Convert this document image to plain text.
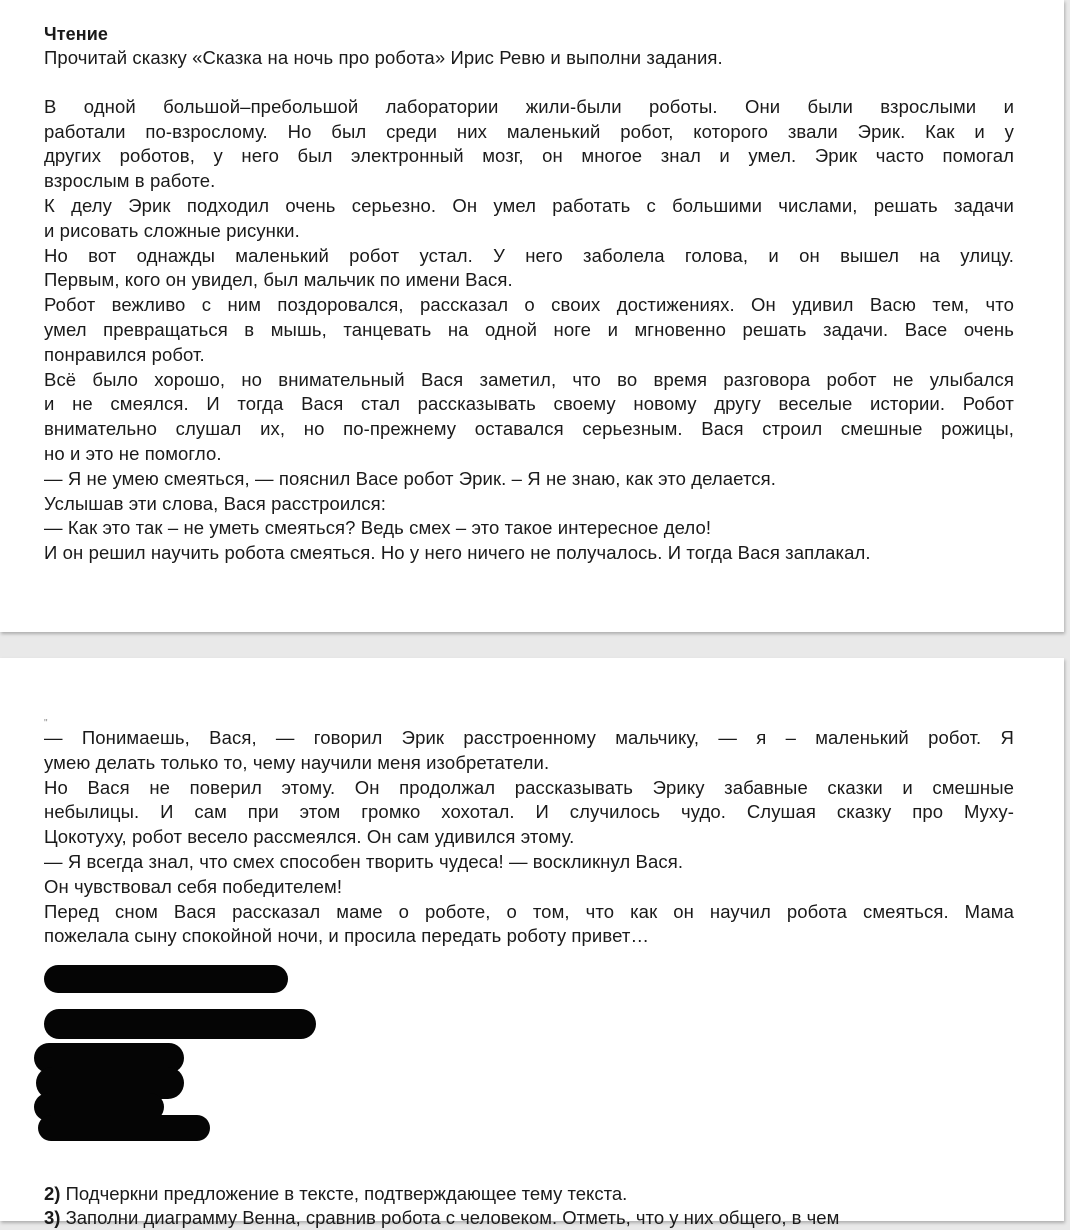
Чтение

Прочитай сказку «Сказка на ночь про робота» Ирис Ревю и выполни задания.

В одной большой–пребольшой лаборатории жили-были роботы. Они были взрослыми и

работали по-взрослому. Но был среди них маленький робот, которого звали Эрик. Как и у

других роботов, у него был электронный мозг, он многое знал и умел. Эрик часто помогал

взрослым в работе.

К делу Эрик подходил очень серьезно. Он умел работать с большими числами, решать задачи

и рисовать сложные рисунки.

Но вот однажды маленький робот устал. У него заболела голова, и он вышел на улицу.

Первым, кого он увидел, был мальчик по имени Вася.

Робот вежливо с ним поздоровался, рассказал о своих достижениях. Он удивил Васю тем, что

умел превращаться в мышь, танцевать на одной ноге и мгновенно решать задачи. Васе очень

понравился робот.

Всё было хорошо, но внимательный Вася заметил, что во время разговора робот не улыбался

и не смеялся. И тогда Вася стал рассказывать своему новому другу веселые истории. Робот

внимательно слушал их, но по-прежнему оставался серьезным. Вася строил смешные рожицы,

но и это не помогло.

— Я не умею смеяться, — пояснил Васе робот Эрик. – Я не знаю, как это делается.

Услышав эти слова, Вася расстроился:

— Как это так – не уметь смеяться? Ведь смех – это такое интересное дело!

И он решил научить робота смеяться. Но у него ничего не получалось. И тогда Вася заплакал.

"

— Понимаешь, Вася, — говорил Эрик расстроенному мальчику, — я – маленький робот. Я

умею делать только то, чему научили меня изобретатели.

Но Вася не поверил этому. Он продолжал рассказывать Эрику забавные сказки и смешные

небылицы. И сам при этом громко хохотал. И случилось чудо. Слушая сказку про Муху-

Цокотуху, робот весело рассмеялся. Он сам удивился этому.

— Я всегда знал, что смех способен творить чудеса! — воскликнул Вася.

Он чувствовал себя победителем!

Перед сном Вася рассказал маме о роботе, о том, что как он научил робота смеяться. Мама

пожелала сыну спокойной ночи, и просила передать роботу привет…

2) Подчеркни предложение в тексте, подтверждающее тему текста.
3) Заполни диаграмму Венна, сравнив робота с человеком. Отметь, что у них общего, в чем
